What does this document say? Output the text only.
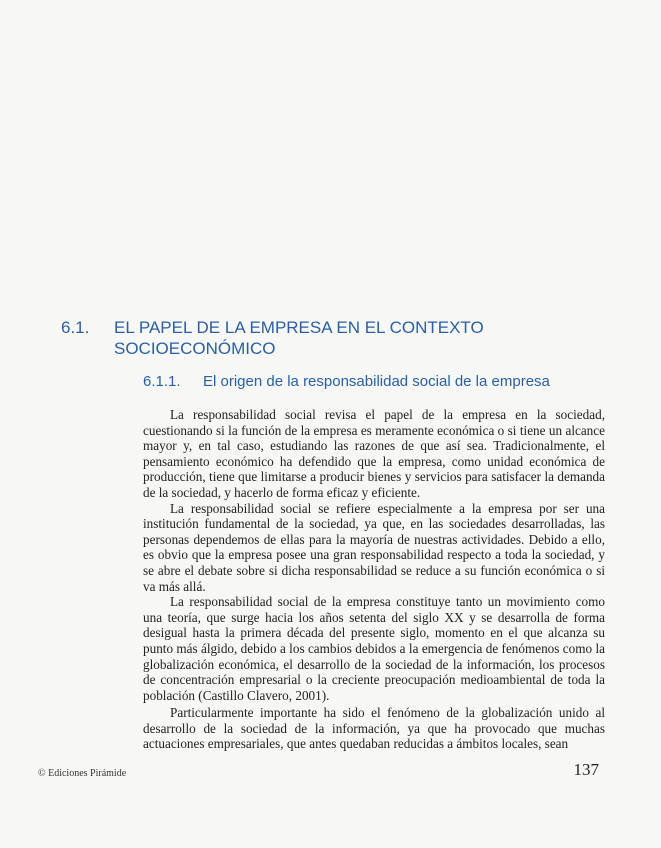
6.1.	EL PAPEL DE LA EMPRESA EN EL CONTEXTO
SOCIOECONÓMICO
6.1.1.	El origen de la responsabilidad social de la empresa

La responsabilidad social revisa el papel de la empresa en la sociedad, cuestionando si la función de la empresa es meramente económica o si tiene un alcance mayor y, en tal caso, estudiando las razones de que así sea. Tradicionalmente, el pensamiento económico ha defendido que la empresa, como unidad económica de producción, tiene que limitarse a producir bienes y servicios para satisfacer la demanda de la sociedad, y hacerlo de forma eficaz y eficiente.

La responsabilidad social se refiere especialmente a la empresa por ser una institución fundamental de la sociedad, ya que, en las sociedades desarrolladas, las personas dependemos de ellas para la mayoría de nuestras actividades. Debido a ello, es obvio que la empresa posee una gran responsabilidad respecto a toda la sociedad, y se abre el debate sobre si dicha responsabilidad se reduce a su función económica o si va más allá.

La responsabilidad social de la empresa constituye tanto un movimiento como una teoría, que surge hacia los años setenta del siglo XX y se desarrolla de forma desigual hasta la primera década del presente siglo, momento en el que alcanza su punto más álgido, debido a los cambios debidos a la emergencia de fenómenos como la globalización económica, el desarrollo de la sociedad de la información, los procesos de concentración empresarial o la creciente preocupación medioambiental de toda la población (Castillo Clavero, 2001).

Particularmente importante ha sido el fenómeno de la globalización unido al desarrollo de la sociedad de la información, ya que ha provocado que muchas actuaciones empresariales, que antes quedaban reducidas a ámbitos locales, sean

© Ediciones Pirámide	137
